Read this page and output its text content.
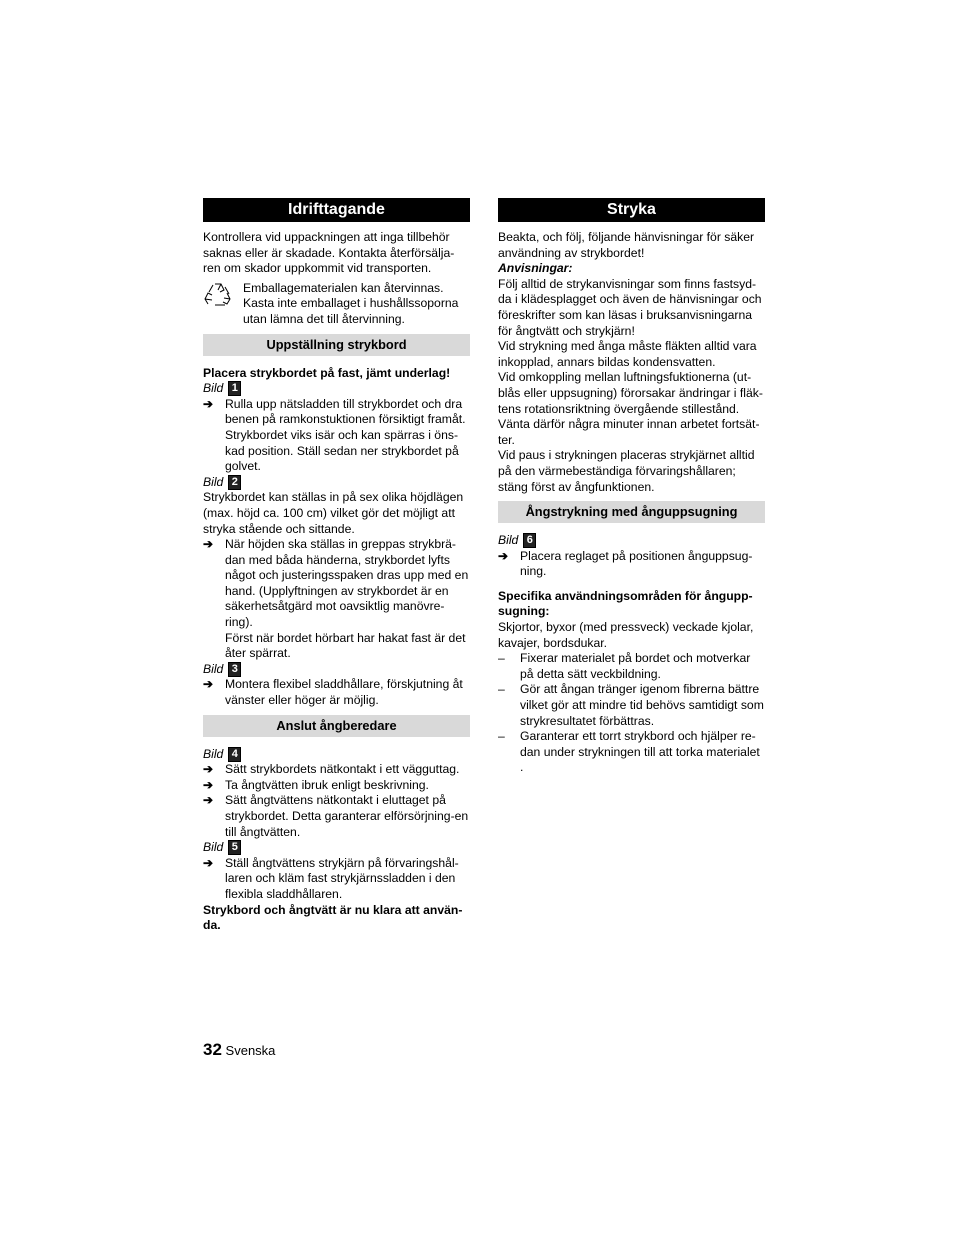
Idrifttagande

Kontrollera vid uppackningen att inga tillbehör saknas eller är skadade. Kontakta återförsälja-ren om skador uppkommit vid transporten.

Emballagematerialen kan återvinnas. Kasta inte emballaget i hushållssoporna utan lämna det till återvinning.
Uppställning strykbord

Placera strykbordet på fast, jämt underlag!

Bild 1
➔ Rulla upp nätsladden till strykbordet och dra benen på ramkonstuktionen försiktigt framåt. Strykbordet viks isär och kan spärras i öns-kad position. Ställ sedan ner strykbordet på golvet.
Bild 2

Strykbordet kan ställas in på sex olika höjdlägen (max. höjd ca. 100 cm) vilket gör det möjligt att stryka stående och sittande.

➔ När höjden ska ställas in greppas strykbrä-dan med båda händerna, strykbordet lyfts något och justeringsspaken dras upp med en hand. (Upplyftningen av strykbordet är en säkerhetsåtgärd mot oavsiktlig manövre-ring).

Först när bordet hörbart har hakat fast är det åter spärrat.

Bild 3
➔ Montera flexibel sladdhållare, förskjutning åt vänster eller höger är möjlig.
Anslut ångberedare
Bild 4
➔ Sätt strykbordets nätkontakt i ett vägguttag.
➔ Ta ångtvätten ibruk enligt beskrivning.
➔ Sätt ångtvättens nätkontakt i eluttaget på strykbordet. Detta garanterar elförsörjning-en till ångtvätten.
Bild 5
➔ Ställ ångtvättens strykjärn på förvaringshål-laren och kläm fast strykjärnssladden i den flexibla sladdhållaren.

Strykbord och ångtvätt är nu klara att använ-da.

Stryka

Beakta, och följ, följande hänvisningar för säker användning av strykbordet!

Anvisningar:

Följ alltid de strykanvisningar som finns fastsyd-da i klädesplagget och även de hänvisningar och föreskrifter som kan läsas i bruksanvisningarna för ångtvätt och strykjärn!

Vid strykning med ånga måste fläkten alltid vara inkopplad, annars bildas kondensvatten.

Vid omkoppling mellan luftningsfuktionerna (ut-blås eller uppsugning) förorsakar ändringar i fläk-tens rotationsriktning övergående stillestånd. Vänta därför några minuter innan arbetet fortsät-ter.

Vid paus i strykningen placeras strykjärnet alltid på den värmebeständiga förvaringshållaren; stäng först av ångfunktionen.

Ångstrykning med ånguppsugning
Bild 6
➔ Placera reglaget på positionen ånguppsug-ning.

Specifika användningsområden för ångupp-sugning:

Skjortor, byxor (med pressveck) veckade kjolar, kavajer, bordsdukar.

–	Fixerar materialet på bordet och motverkar på detta sätt veckbildning.
–	Gör att ångan tränger igenom fibrerna bättre vilket gör att mindre tid behövs samtidigt som strykresultatet förbättras.
–	Garanterar ett torrt strykbord och hjälper re-dan under strykningen till att torka materialet

.

32 Svenska
